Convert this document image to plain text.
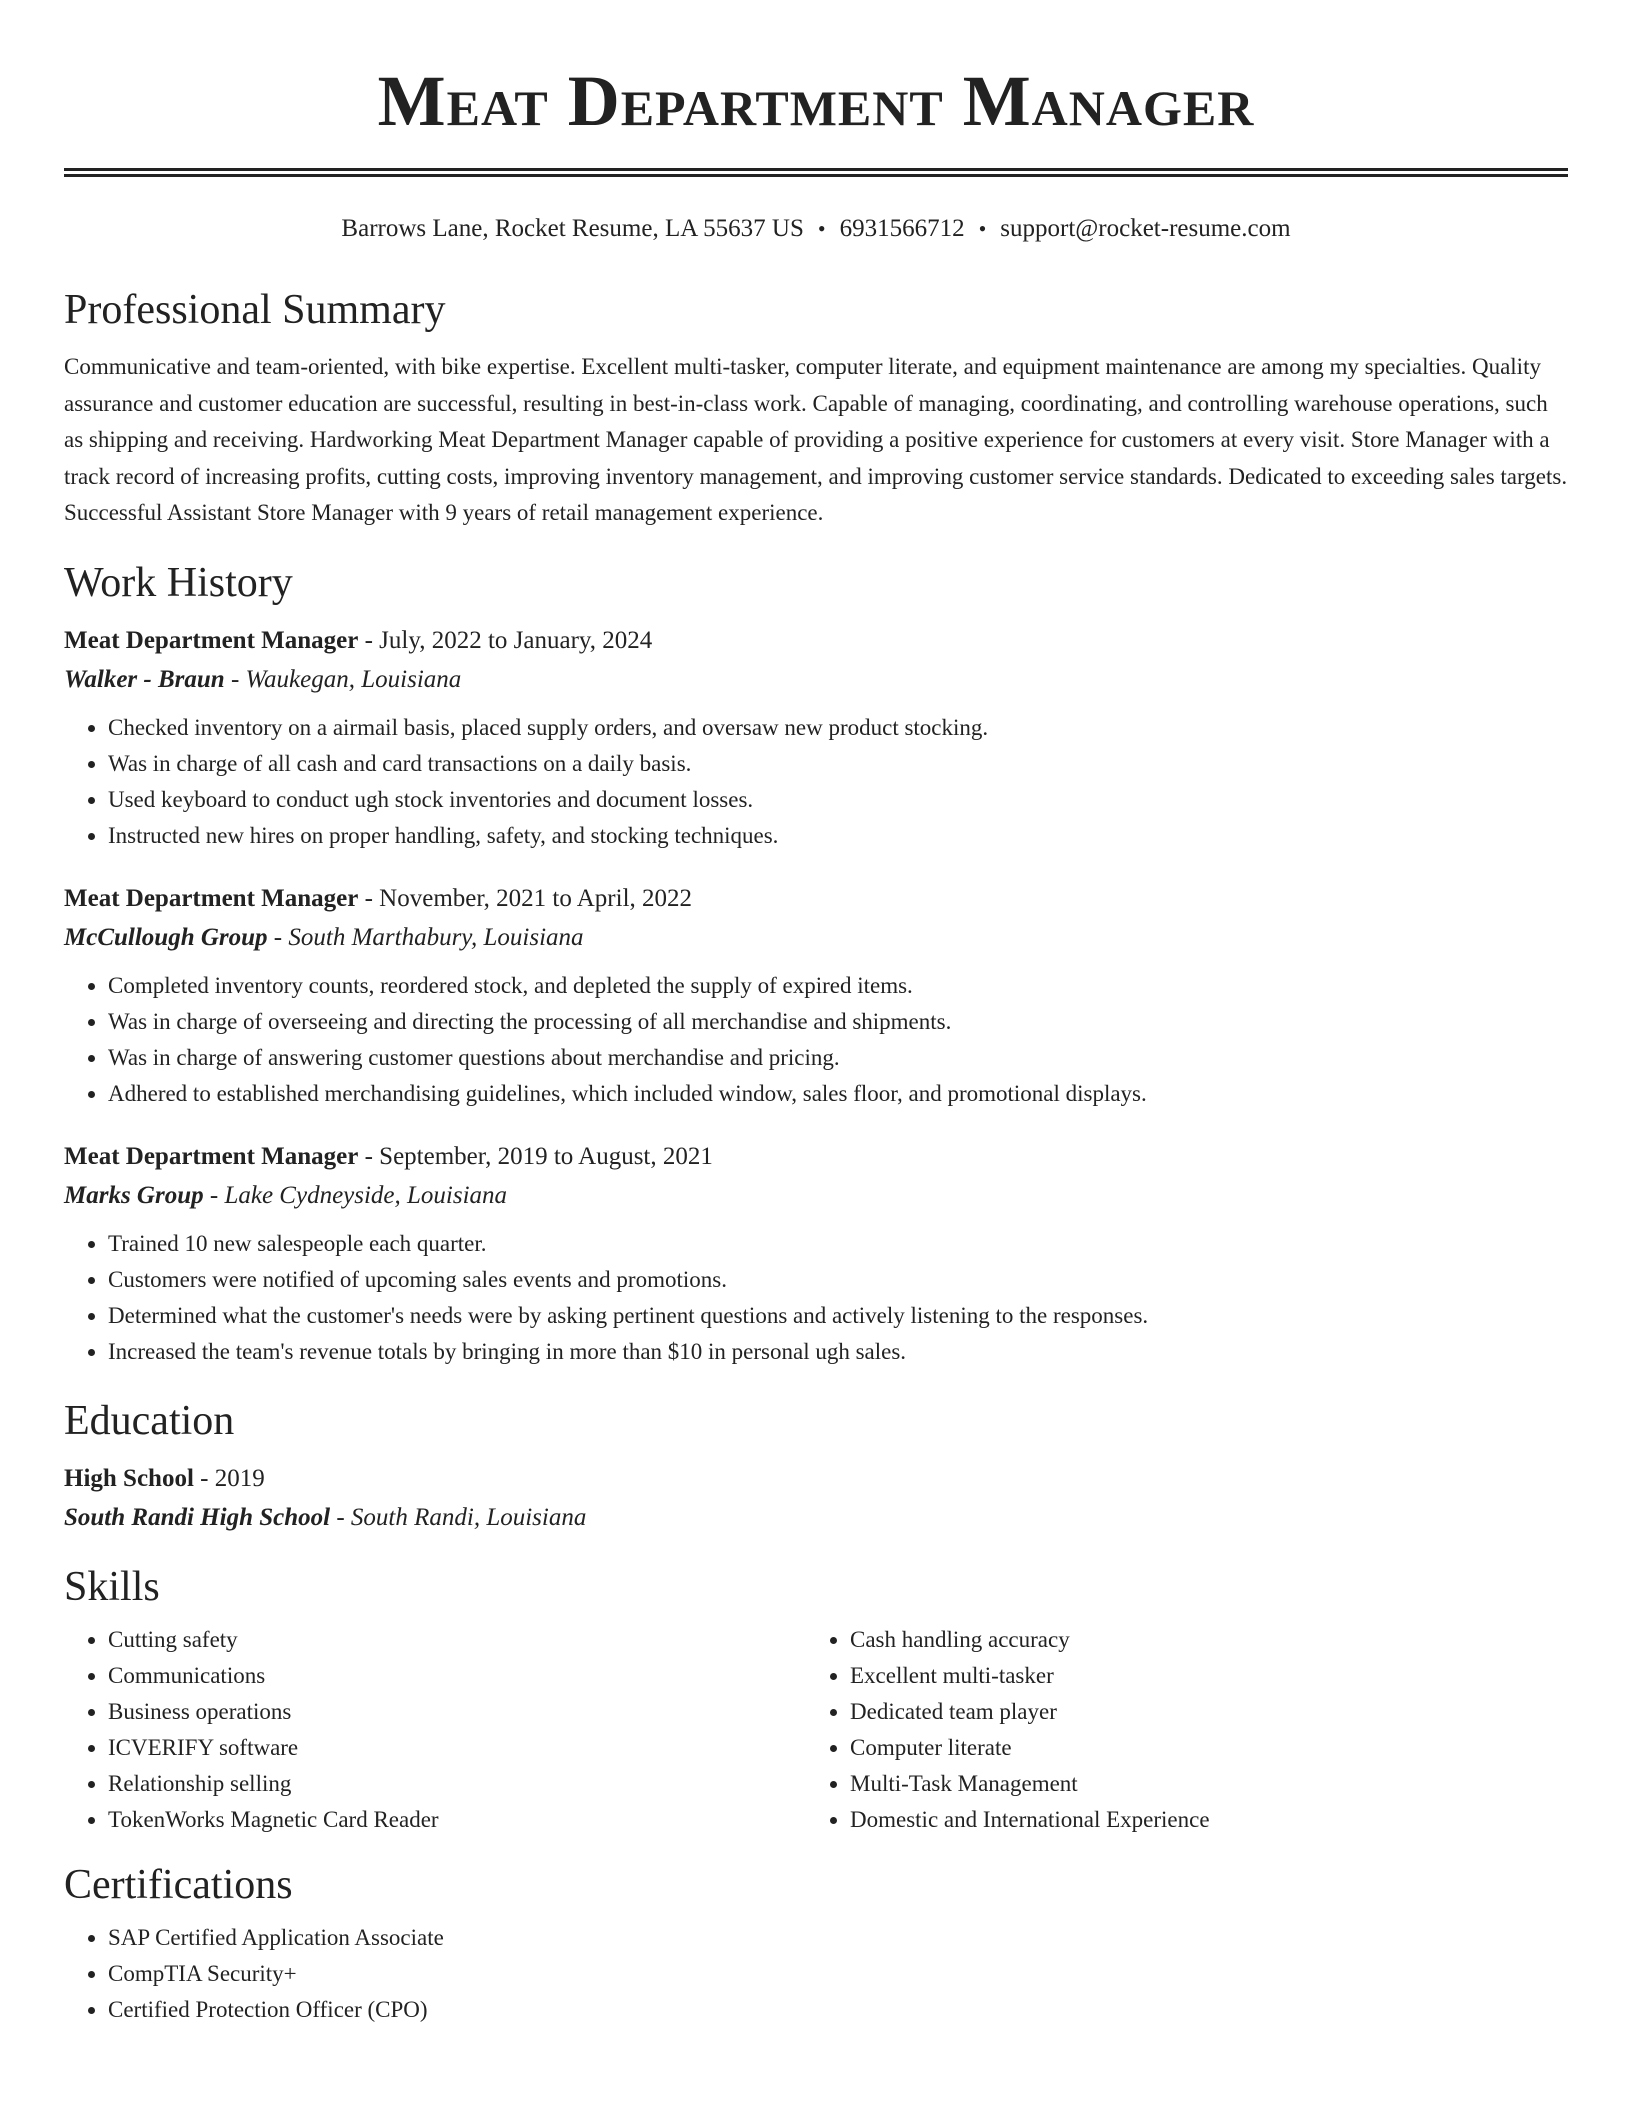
Meat Department Manager
Barrows Lane, Rocket Resume, LA 55637 US • 6931566712 • support@rocket-resume.com
Professional Summary
Communicative and team-oriented, with bike expertise. Excellent multi-tasker, computer literate, and equipment maintenance are among my specialties. Quality assurance and customer education are successful, resulting in best-in-class work. Capable of managing, coordinating, and controlling warehouse operations, such as shipping and receiving. Hardworking Meat Department Manager capable of providing a positive experience for customers at every visit. Store Manager with a track record of increasing profits, cutting costs, improving inventory management, and improving customer service standards. Dedicated to exceeding sales targets. Successful Assistant Store Manager with 9 years of retail management experience.
Work History
Meat Department Manager - July, 2022 to January, 2024
Walker - Braun - Waukegan, Louisiana
• Checked inventory on a airmail basis, placed supply orders, and oversaw new product stocking.
• Was in charge of all cash and card transactions on a daily basis.
• Used keyboard to conduct ugh stock inventories and document losses.
• Instructed new hires on proper handling, safety, and stocking techniques.
Meat Department Manager - November, 2021 to April, 2022
McCullough Group - South Marthabury, Louisiana
• Completed inventory counts, reordered stock, and depleted the supply of expired items.
• Was in charge of overseeing and directing the processing of all merchandise and shipments.
• Was in charge of answering customer questions about merchandise and pricing.
• Adhered to established merchandising guidelines, which included window, sales floor, and promotional displays.
Meat Department Manager - September, 2019 to August, 2021
Marks Group - Lake Cydneyside, Louisiana
• Trained 10 new salespeople each quarter.
• Customers were notified of upcoming sales events and promotions.
• Determined what the customer's needs were by asking pertinent questions and actively listening to the responses.
• Increased the team's revenue totals by bringing in more than $10 in personal ugh sales.
Education
High School - 2019
South Randi High School - South Randi, Louisiana
Skills
• Cutting safety
• Communications
• Business operations
• ICVERIFY software
• Relationship selling
• TokenWorks Magnetic Card Reader
• Cash handling accuracy
• Excellent multi-tasker
• Dedicated team player
• Computer literate
• Multi-Task Management
• Domestic and International Experience
Certifications
• SAP Certified Application Associate
• CompTIA Security+
• Certified Protection Officer (CPO)
